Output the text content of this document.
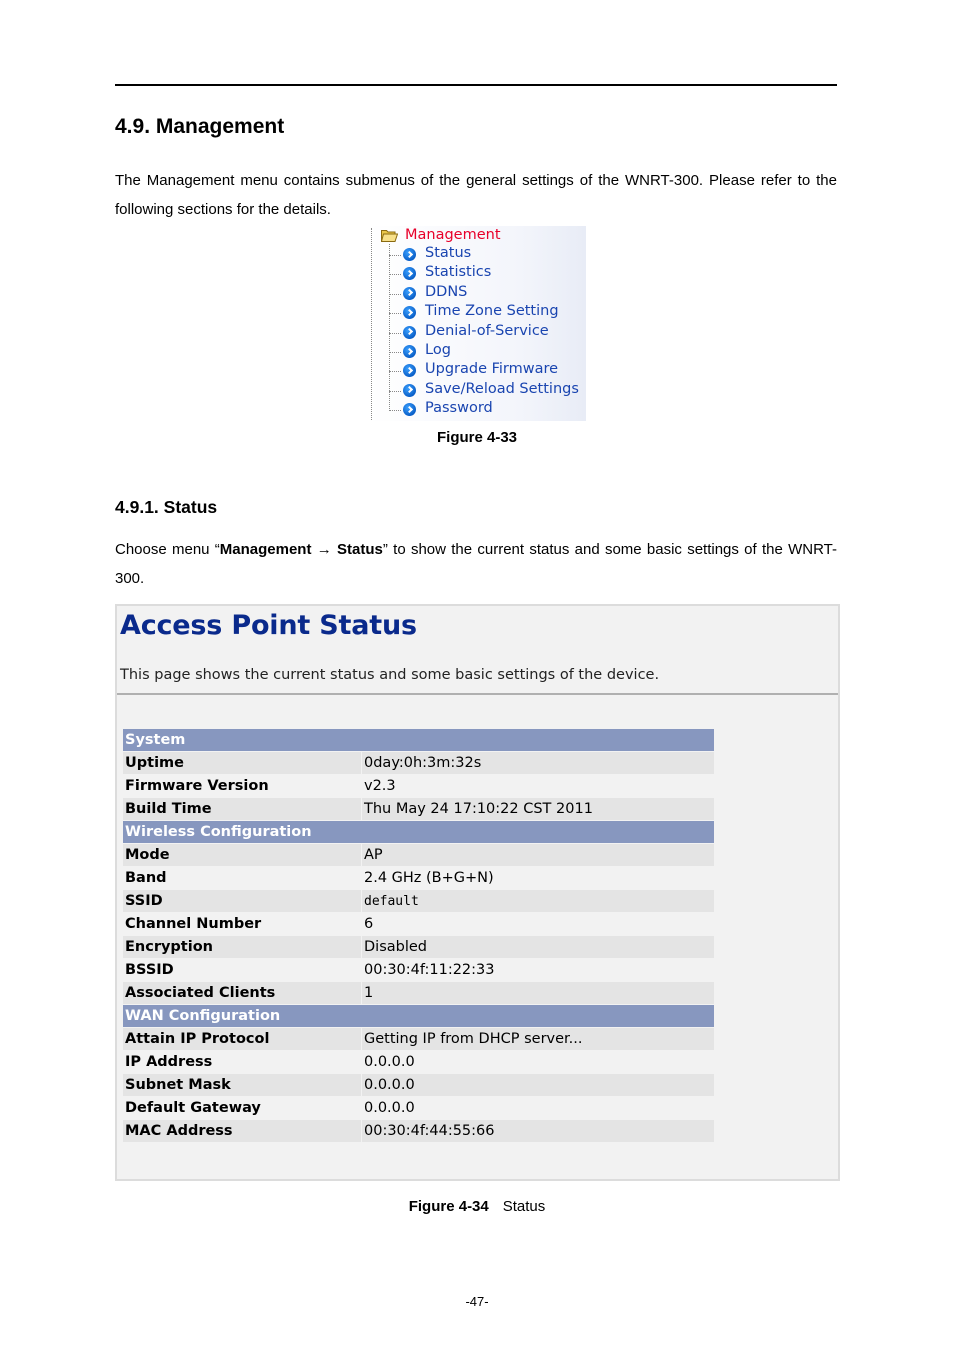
4.9. Management

The Management menu contains submenus of the general settings of the WNRT-300. Please refer to the following sections for the details.

Management
Status
Statistics
DDNS
Time Zone Setting
Denial-of-Service
Log
Upgrade Firmware
Save/Reload Settings
Password
Figure 4-33
4.9.1. Status

Choose menu “Management → Status” to show the current status and some basic settings of the WNRT-300.

Access Point Status
This page shows the current status and some basic settings of the device.
System	
Uptime	0day:0h:3m:32s
Firmware Version	v2.3
Build Time	Thu May 24 17:10:22 CST 2011
Wireless Configuration	
Mode	AP
Band	2.4 GHz (B+G+N)
SSID	default
Channel Number	6
Encryption	Disabled
BSSID	00:30:4f:11:22:33
Associated Clients	1
WAN Configuration	
Attain IP Protocol	Getting IP from DHCP server...
IP Address	0.0.0.0
Subnet Mask	0.0.0.0
Default Gateway	0.0.0.0
MAC Address	00:30:4f:44:55:66
Figure 4-34 Status
-47-
